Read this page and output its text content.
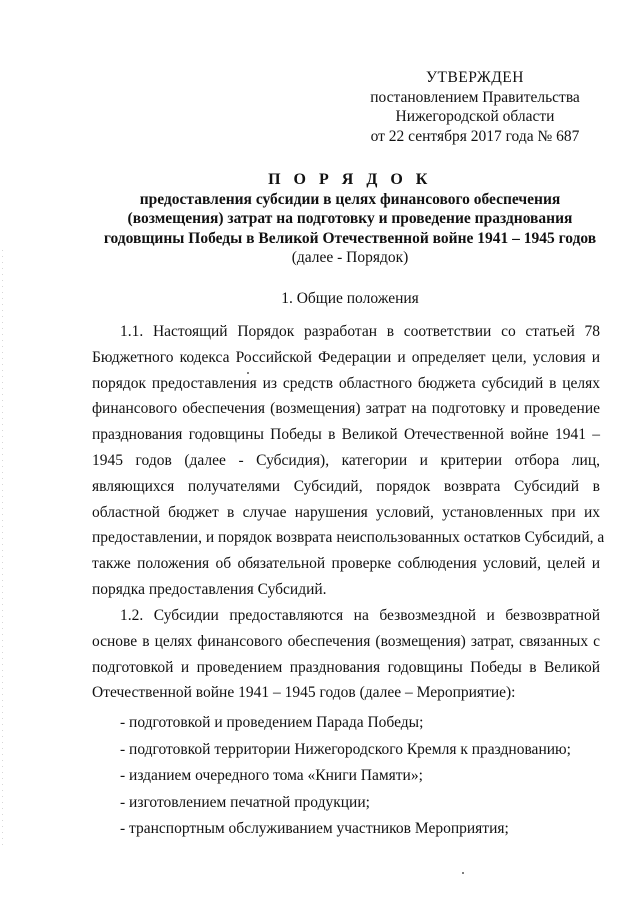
УТВЕРЖДЕН
постановлением Правительства
Нижегородской области
от 22 сентября 2017 года № 687
П О Р Я Д О К
предоставления субсидии в целях финансового обеспечения
(возмещения) затрат на подготовку и проведение празднования
годовщины Победы в Великой Отечественной войне 1941 – 1945 годов
(далее - Порядок)
1. Общие положения
1.1. Настоящий Порядок разработан в соответствии со статьей 78
Бюджетного кодекса Российской Федерации и определяет цели, условия и
порядок предоставления из средств областного бюджета субсидий в целях
финансового обеспечения (возмещения) затрат на подготовку и проведение
празднования годовщины Победы в Великой Отечественной войне 1941 –
1945 годов (далее - Субсидия), категории и критерии отбора лиц,
являющихся получателями Субсидий, порядок возврата Субсидий в
областной бюджет в случае нарушения условий, установленных при их
предоставлении, и порядок возврата неиспользованных остатков Субсидий, а
также положения об обязательной проверке соблюдения условий, целей и
порядка предоставления Субсидий.
1.2. Субсидии предоставляются на безвозмездной и безвозвратной
основе в целях финансового обеспечения (возмещения) затрат, связанных с
подготовкой и проведением празднования годовщины Победы в Великой
Отечественной войне 1941 – 1945 годов (далее – Мероприятие):
- подготовкой и проведением Парада Победы;
- подготовкой территории Нижегородского Кремля к празднованию;
- изданием очередного тома «Книги Памяти»;
- изготовлением печатной продукции;
- транспортным обслуживанием участников Мероприятия;
